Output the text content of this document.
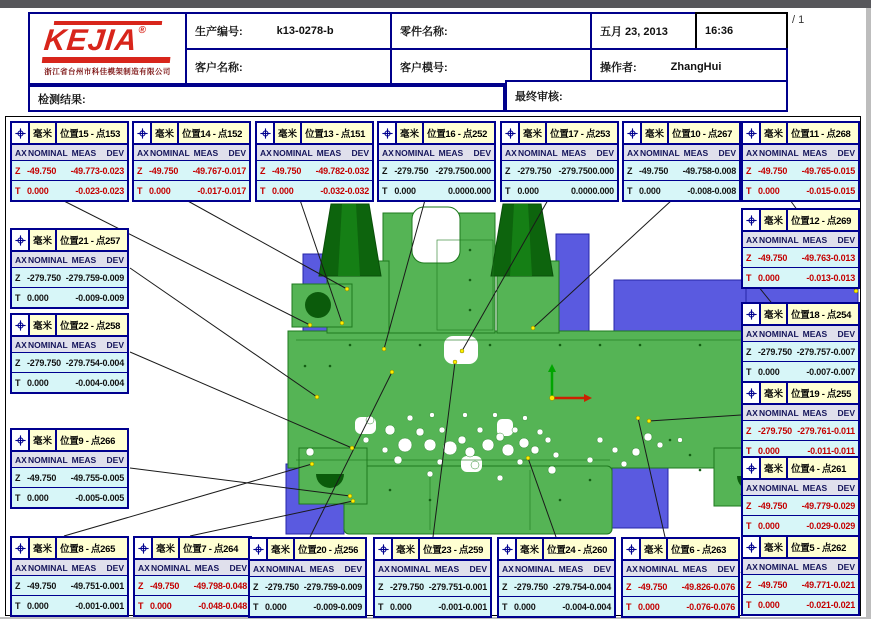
KEJIA®
浙江省台州市科佳模架制造有限公司
生产编号:	k13-0278-b	零件名称:	五月 23, 2013	16:36
客户名称:	客户模号:	操作者:	ZhangHui
检测结果:	最终审核:
/ 1
毫米 位置15 - 点153
AX NOMINAL MEAS	DEV
Z -49.750	-49.773 -0.023
T 0.000	-0.023 -0.023
毫米 位置14 - 点152
AX NOMINAL MEAS	DEV
Z -49.750	-49.767 -0.017
T 0.000	-0.017 -0.017
毫米 位置13 - 点151
AX NOMINAL MEAS	DEV
Z -49.750	-49.782 -0.032
T 0.000	-0.032 -0.032
毫米 位置16 - 点252
AX NOMINAL MEAS	DEV
Z -279.750 -279.750 0.000
T 0.000	0.000 0.000
毫米 位置17 - 点253
AX NOMINAL MEAS	DEV
Z -279.750 -279.750 0.000
T 0.000	0.000 0.000
毫米 位置10 - 点267
AX NOMINAL MEAS	DEV
Z -49.750	-49.758 -0.008
T 0.000	-0.008 -0.008
毫米 位置11 - 点268
AX NOMINAL MEAS	DEV
Z -49.750	-49.765 -0.015
T 0.000	-0.015 -0.015
毫米 位置12 - 点269
AX NOMINAL MEAS	DEV
Z -49.750	-49.763 -0.013
T 0.000	-0.013 -0.013
毫米 位置21 - 点257
AX NOMINAL MEAS	DEV
Z -279.750 -279.759 -0.009
T 0.000	-0.009 -0.009
毫米 位置22 - 点258
AX NOMINAL MEAS	DEV
Z -279.750 -279.754 -0.004
T 0.000	-0.004 -0.004
毫米 位置18 - 点254
AX NOMINAL MEAS	DEV
Z -279.750 -279.757 -0.007
T 0.000	-0.007 -0.007
毫米 位置19 - 点255
AX NOMINAL MEAS	DEV
Z -279.750 -279.761 -0.011
T 0.000	-0.011 -0.011
毫米 位置9 - 点266
AX NOMINAL MEAS	DEV
Z -49.750	-49.755 -0.005
T 0.000	-0.005 -0.005
毫米 位置4 - 点261
AX NOMINAL MEAS	DEV
Z -49.750	-49.779 -0.029
T 0.000	-0.029 -0.029
毫米 位置8 - 点265
AX NOMINAL MEAS	DEV
Z -49.750	-49.751 -0.001
T 0.000	-0.001 -0.001
毫米 位置7 - 点264
AX NOMINAL MEAS	DEV
Z -49.750	-49.798 -0.048
T 0.000	-0.048 -0.048
毫米 位置20 - 点256
AX NOMINAL MEAS	DEV
Z -279.750 -279.759 -0.009
T 0.000	-0.009 -0.009
毫米 位置23 - 点259
AX NOMINAL MEAS	DEV
Z -279.750 -279.751 -0.001
T 0.000	-0.001 -0.001
毫米 位置24 - 点260
AX NOMINAL MEAS	DEV
Z -279.750 -279.754 -0.004
T 0.000	-0.004 -0.004
毫米 位置6 - 点263
AX NOMINAL MEAS	DEV
Z -49.750	-49.826 -0.076
T 0.000	-0.076 -0.076
毫米 位置5 - 点262
AX NOMINAL MEAS	DEV
Z -49.750	-49.771 -0.021
T 0.000	-0.021 -0.021
